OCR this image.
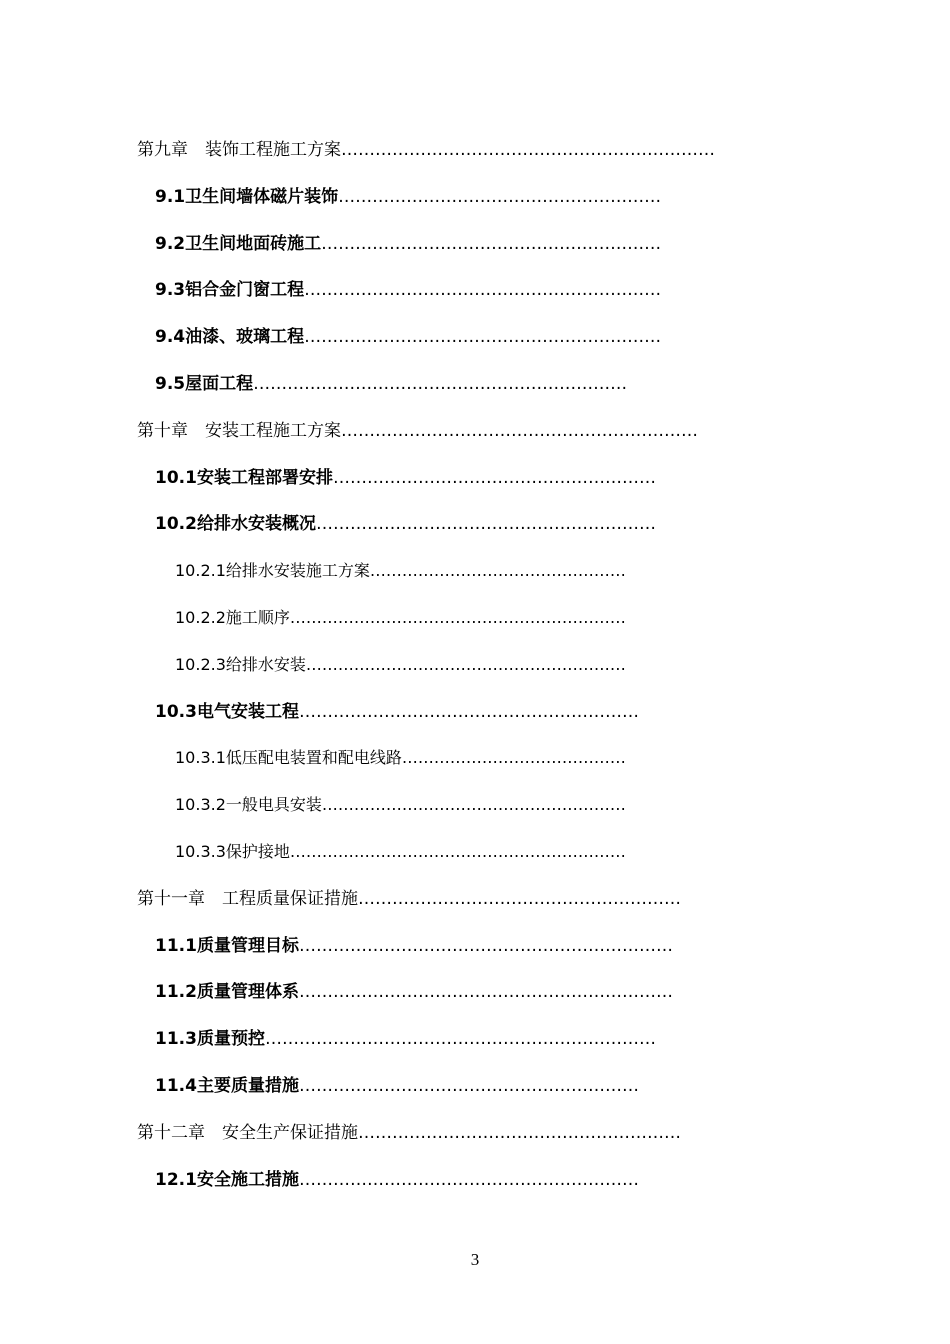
第九章　装饰工程施工方案…………………………………………………………
9.1卫生间墙体磁片装饰…………………………………………………
9.2卫生间地面砖施工……………………………………………………
9.3铝合金门窗工程………………………………………………………
9.4油漆、玻璃工程………………………………………………………
9.5屋面工程…………………………………………………………
第十章　安装工程施工方案………………………………………………………
10.1安装工程部署安排…………………………………………………
10.2给排水安装概况……………………………………………………
10.2.1给排水安装施工方案…………………………………………
10.2.2施工顺序………………………………………………………
10.2.3给排水安装……………………………………………………
10.3电气安装工程……………………………………………………
10.3.1低压配电装置和配电线路……………………………………
10.3.2一般电具安装…………………………………………………
10.3.3保护接地………………………………………………………
第十一章　工程质量保证措施…………………………………………………
11.1质量管理目标…………………………………………………………
11.2质量管理体系…………………………………………………………
11.3质量预控……………………………………………………………
11.4主要质量措施……………………………………………………
第十二章　安全生产保证措施…………………………………………………
12.1安全施工措施……………………………………………………
3
